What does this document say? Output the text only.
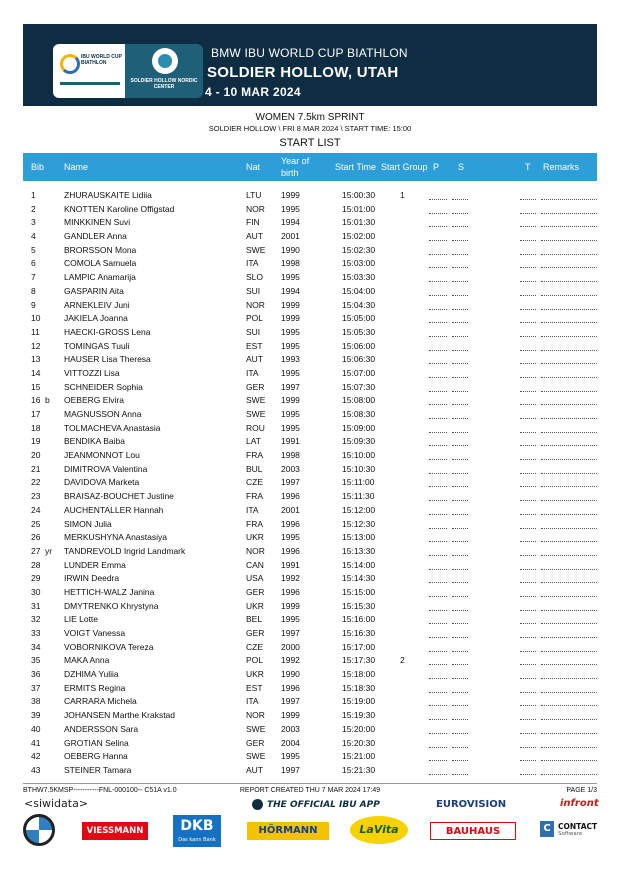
IBU WORLD CUP BIATHLON
SOLDIER HOLLOW NORDIC CENTER
BMW IBU WORLD CUP BIATHLON
SOLDIER HOLLOW, UTAH
4 - 10 MAR 2024
WOMEN 7.5km SPRINT
SOLDIER HOLLOW \ FRI 8 MAR 2024 \ START TIME: 15:00
START LIST
Bib Name	Nat
Year of birth
Start Time Start Group P S	T Remarks
1	ZHURAUSKAITE Lidiia	LTU 1999	15:00:30	1
2	KNOTTEN Karoline Offigstad	NOR 1995	15:01:00
3	MINKKINEN Suvi	FIN	1994	15:01:30
4	GANDLER Anna	AUT 2001	15:02:00
5	BRORSSON Mona	SWE 1990	15:02:30
6	COMOLA Samuela	ITA	1998	15:03:00
7	LAMPIC Anamarija	SLO 1995	15:03:30
8	GASPARIN Aita	SUI 1994	15:04:00
9	ARNEKLEIV Juni	NOR 1999	15:04:30
10	JAKIELA Joanna	POL 1999	15:05:00
11	HAECKI-GROSS Lena	SUI 1995	15:05:30
12	TOMINGAS Tuuli	EST 1995	15:06:00
13	HAUSER Lisa Theresa	AUT 1993	15:06:30
14	VITTOZZI Lisa	ITA	1995	15:07:00
15	SCHNEIDER Sophia	GER 1997	15:07:30
16 b OEBERG Elvira	SWE 1999	15:08:00
17	MAGNUSSON Anna	SWE 1995	15:08:30
18	TOLMACHEVA Anastasia	ROU 1995	15:09:00
19	BENDIKA Baiba	LAT 1991	15:09:30
20	JEANMONNOT Lou	FRA 1998	15:10:00
21	DIMITROVA Valentina	BUL 2003	15:10:30
22	DAVIDOVA Marketa	CZE 1997	15:11:00
23	BRAISAZ-BOUCHET Justine	FRA 1996	15:11:30
24	AUCHENTALLER Hannah	ITA	2001	15:12:00
25	SIMON Julia	FRA 1996	15:12:30
26	MERKUSHYNA Anastasiya	UKR 1995	15:13:00
27 yr TANDREVOLD Ingrid Landmark	NOR 1996	15:13:30
28	LUNDER Emma	CAN 1991	15:14:00
29	IRWIN Deedra	USA 1992	15:14:30
30	HETTICH-WALZ Janina	GER 1996	15:15:00
31	DMYTRENKO Khrystyna	UKR 1999	15:15:30
32	LIE Lotte	BEL 1995	15:16:00
33	VOIGT Vanessa	GER 1997	15:16:30
34	VOBORNIKOVA Tereza	CZE 2000	15:17:00
35	MAKA Anna	POL 1992	15:17:30	2
36	DZHIMA Yuliia	UKR 1990	15:18:00
37	ERMITS Regina	EST 1996	15:18:30
38	CARRARA Michela	ITA	1997	15:19:00
39	JOHANSEN Marthe Krakstad	NOR 1999	15:19:30
40	ANDERSSON Sara	SWE 2003	15:20:00
41	GROTIAN Selina	GER 2004	15:20:30
42	OEBERG Hanna	SWE 1995	15:21:00
43	STEINER Tamara	AUT 1997	15:21:30
BTHW7.5KMSP-----------FNL-000100-- C51A v1.0	REPORT CREATED THU 7 MAR 2024 17:49	PAGE 1/3
<siwidata>	THE OFFICIAL IBU APP	EUROVISION	infront
VIESSMANN	DKB
Das kann Bank
HÖRMANN	LaVita	BAUHAUS	C CONTACT
Software
